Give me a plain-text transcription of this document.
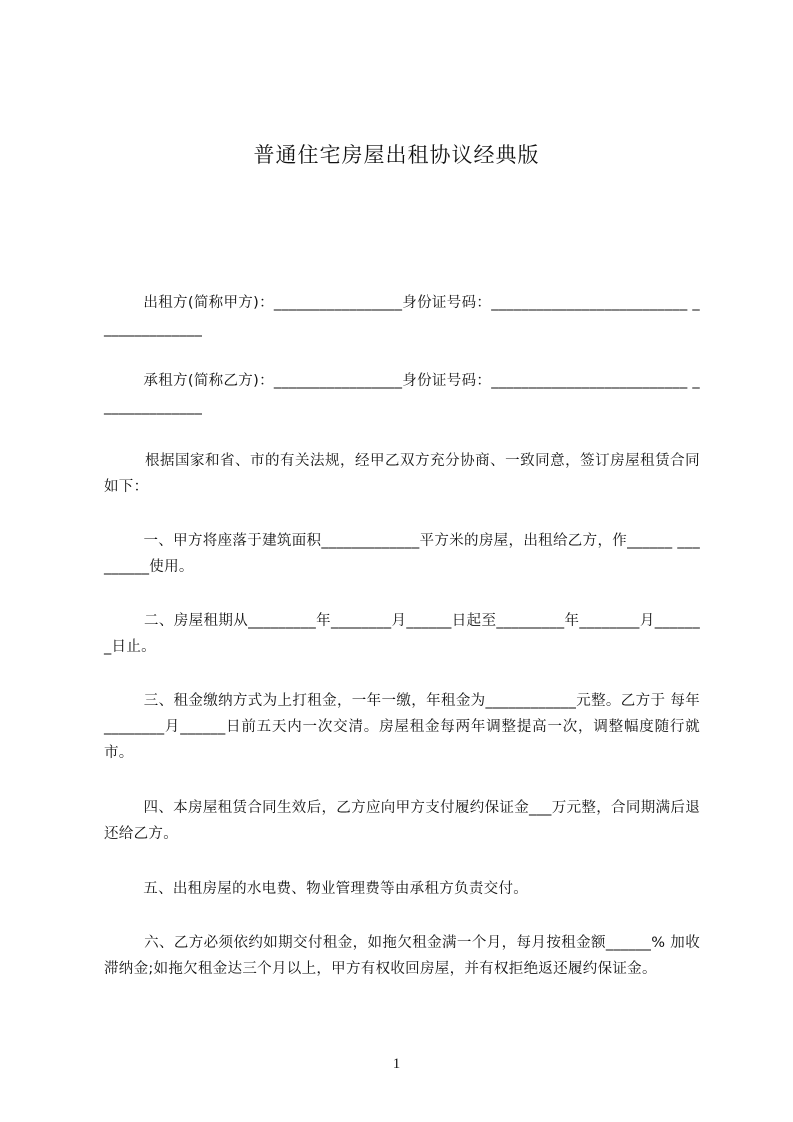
普通住宅房屋出租协议经典版
出租方(简称甲方)：_________________身份证号码：__________________________ ______________
承租方(简称乙方)：_________________身份证号码：__________________________ ______________
根据国家和省、市的有关法规，经甲乙双方充分协商、一致同意，签订房屋租赁合同如下：
一、甲方将座落于建筑面积_____________平方米的房屋，出租给乙方，作______ _________使用。
二、房屋租期从_________年________月______日起至_________年________月_______日止。
三、租金缴纳方式为上打租金，一年一缴，年租金为____________元整。乙方于 每年________月______日前五天内一次交清。房屋租金每两年调整提高一次，调整幅度随行就市。
四、本房屋租赁合同生效后，乙方应向甲方支付履约保证金___万元整，合同期满后退还给乙方。
五、出租房屋的水电费、物业管理费等由承租方负责交付。
六、乙方必须依约如期交付租金，如拖欠租金满一个月，每月按租金额______% 加收滞纳金;如拖欠租金达三个月以上，甲方有权收回房屋，并有权拒绝返还履约保证金。
1
